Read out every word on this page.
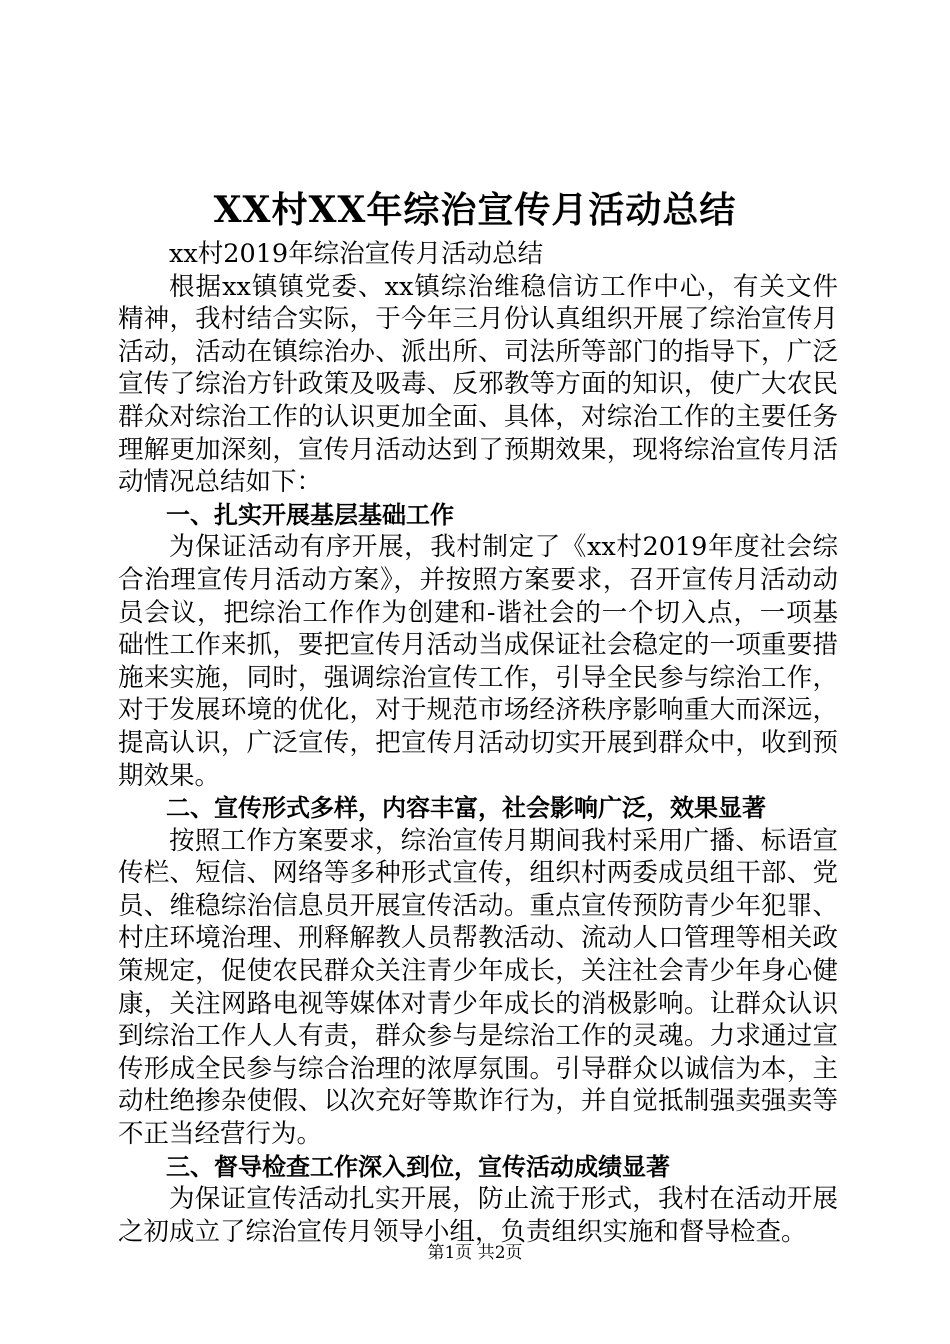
XX村XX年综治宣传月活动总结

xx村2019年综治宣传月活动总结

根据xx镇镇党委、xx镇综治维稳信访工作中心，有关文件精神，我村结合实际，于今年三月份认真组织开展了综治宣传月活动，活动在镇综治办、派出所、司法所等部门的指导下，广泛宣传了综治方针政策及吸毒、反邪教等方面的知识，使广大农民群众对综治工作的认识更加全面、具体，对综治工作的主要任务理解更加深刻，宣传月活动达到了预期效果，现将综治宣传月活动情况总结如下：

一、扎实开展基层基础工作

为保证活动有序开展，我村制定了《xx村2019年度社会综合治理宣传月活动方案》，并按照方案要求，召开宣传月活动动员会议，把综治工作作为创建和-谐社会的一个切入点，一项基础性工作来抓，要把宣传月活动当成保证社会稳定的一项重要措施来实施，同时，强调综治宣传工作，引导全民参与综治工作，对于发展环境的优化，对于规范市场经济秩序影响重大而深远，提高认识，广泛宣传，把宣传月活动切实开展到群众中，收到预期效果。

二、宣传形式多样，内容丰富，社会影响广泛，效果显著

按照工作方案要求，综治宣传月期间我村采用广播、标语宣传栏、短信、网络等多种形式宣传，组织村两委成员组干部、党员、维稳综治信息员开展宣传活动。重点宣传预防青少年犯罪、村庄环境治理、刑释解教人员帮教活动、流动人口管理等相关政策规定，促使农民群众关注青少年成长，关注社会青少年身心健康，关注网路电视等媒体对青少年成长的消极影响。让群众认识到综治工作人人有责，群众参与是综治工作的灵魂。力求通过宣传形成全民参与综合治理的浓厚氛围。引导群众以诚信为本，主动杜绝掺杂使假、以次充好等欺诈行为，并自觉抵制强卖强卖等不正当经营行为。

三、督导检查工作深入到位，宣传活动成绩显著

为保证宣传活动扎实开展，防止流于形式，我村在活动开展之初成立了综治宣传月领导小组，负责组织实施和督导检查。

第1页 共2页
